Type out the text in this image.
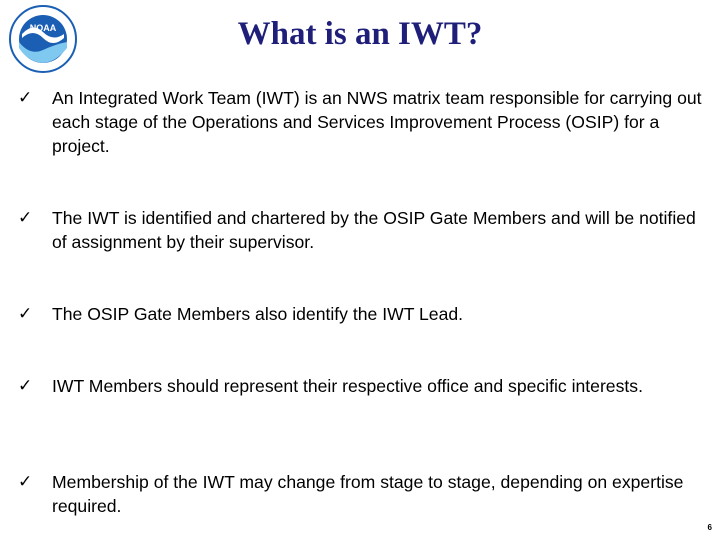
NOAA	What is an IWT?
✓	An Integrated Work Team (IWT) is an NWS matrix team responsible for carrying out each stage of the Operations and Services Improvement Process (OSIP) for a project.
✓	The IWT is identified and chartered by the OSIP Gate Members and will be notified of assignment by their supervisor.
✓	The OSIP Gate Members also identify the IWT Lead.
✓	IWT Members should represent their respective office and specific interests.
✓	Membership of the IWT may change from stage to stage, depending on expertise required.
6
